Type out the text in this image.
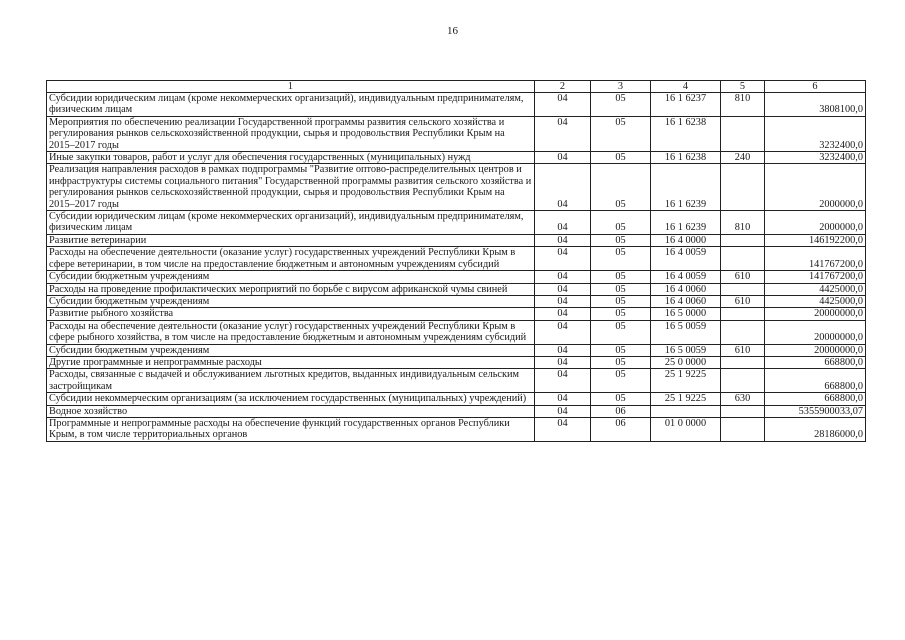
16
1	2	3	4	5	6
Субсидии юридическим лицам (кроме некоммерческих организаций), индивидуальным предпринимателям, физическим лицам	04	05	16 1 6237	810	3808100,0
Мероприятия по обеспечению реализации Государственной программы развития сельского хозяйства и регулирования рынков сельскохозяйственной продукции, сырья и продовольствия Республики Крым на 2015–2017 годы	04	05	16 1 6238		3232400,0
Иные закупки товаров, работ и услуг для обеспечения государственных (муниципальных) нужд	04	05	16 1 6238	240	3232400,0
Реализация направления расходов в рамках подпрограммы "Развитие оптово-распределительных центров и инфраструктуры системы социального питания" Государственной программы развития сельского хозяйства и регулирования рынков сельскохозяйственной продукции, сырья и продовольствия Республики Крым на 2015–2017 годы	04	05	16 1 6239		2000000,0
Субсидии юридическим лицам (кроме некоммерческих организаций), индивидуальным предпринимателям, физическим лицам	04	05	16 1 6239	810	2000000,0
Развитие ветеринарии	04	05	16 4 0000		146192200,0
Расходы на обеспечение деятельности (оказание услуг) государственных учреждений Республики Крым в сфере ветеринарии, в том числе на предоставление бюджетным и автономным учреждениям субсидий	04	05	16 4 0059		141767200,0
Субсидии бюджетным учреждениям	04	05	16 4 0059	610	141767200,0
Расходы на проведение профилактических мероприятий по борьбе с вирусом африканской чумы свиней	04	05	16 4 0060		4425000,0
Субсидии бюджетным учреждениям	04	05	16 4 0060	610	4425000,0
Развитие рыбного хозяйства	04	05	16 5 0000		20000000,0
Расходы на обеспечение деятельности (оказание услуг) государственных учреждений Республики Крым в сфере рыбного хозяйства, в том числе на предоставление бюджетным и автономным учреждениям субсидий	04	05	16 5 0059		20000000,0
Субсидии бюджетным учреждениям	04	05	16 5 0059	610	20000000,0
Другие программные и непрограммные расходы	04	05	25 0 0000		668800,0
Расходы, связанные с выдачей и обслуживанием льготных кредитов, выданных индивидуальным сельским застройщикам	04	05	25 1 9225		668800,0
Субсидии некоммерческим организациям (за исключением государственных (муниципальных) учреждений)	04	05	25 1 9225	630	668800,0
Водное хозяйство	04	06			5355900033,07
Программные и непрограммные расходы на обеспечение функций государственных органов Республики Крым, в том числе территориальных органов	04	06	01 0 0000		28186000,0
